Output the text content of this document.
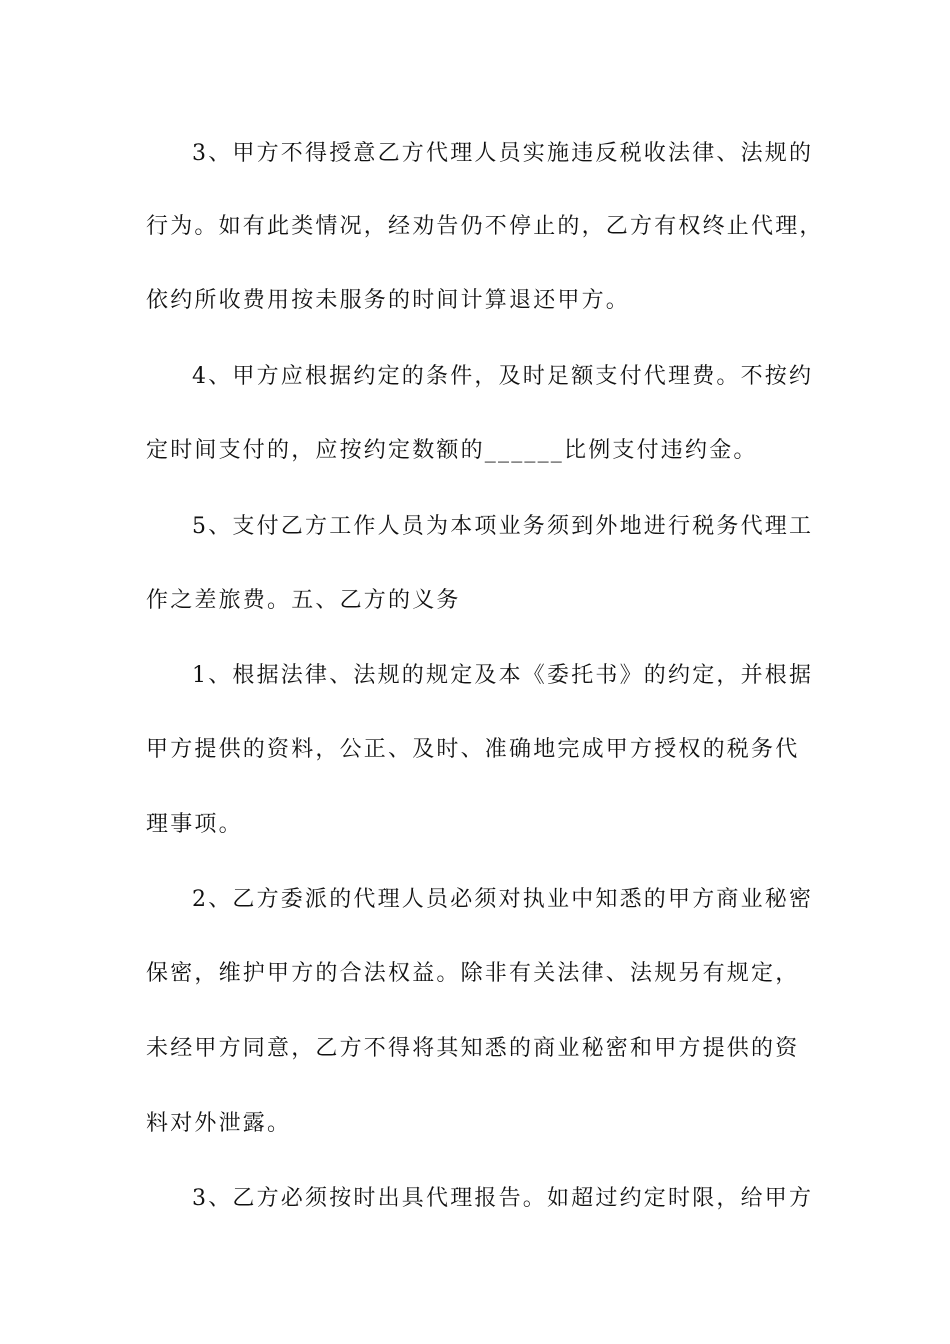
3、甲方不得授意乙方代理人员实施违反税收法律、法规的
行为。如有此类情况，经劝告仍不停止的，乙方有权终止代理，
依约所收费用按未服务的时间计算退还甲方。
4、甲方应根据约定的条件，及时足额支付代理费。不按约
定时间支付的，应按约定数额的______比例支付违约金。
5、支付乙方工作人员为本项业务须到外地进行税务代理工
作之差旅费。五、乙方的义务
1、根据法律、法规的规定及本《委托书》的约定，并根据
甲方提供的资料，公正、及时、准确地完成甲方授权的税务代
理事项。
2、乙方委派的代理人员必须对执业中知悉的甲方商业秘密
保密，维护甲方的合法权益。除非有关法律、法规另有规定，
未经甲方同意，乙方不得将其知悉的商业秘密和甲方提供的资
料对外泄露。
3、乙方必须按时出具代理报告。如超过约定时限，给甲方
